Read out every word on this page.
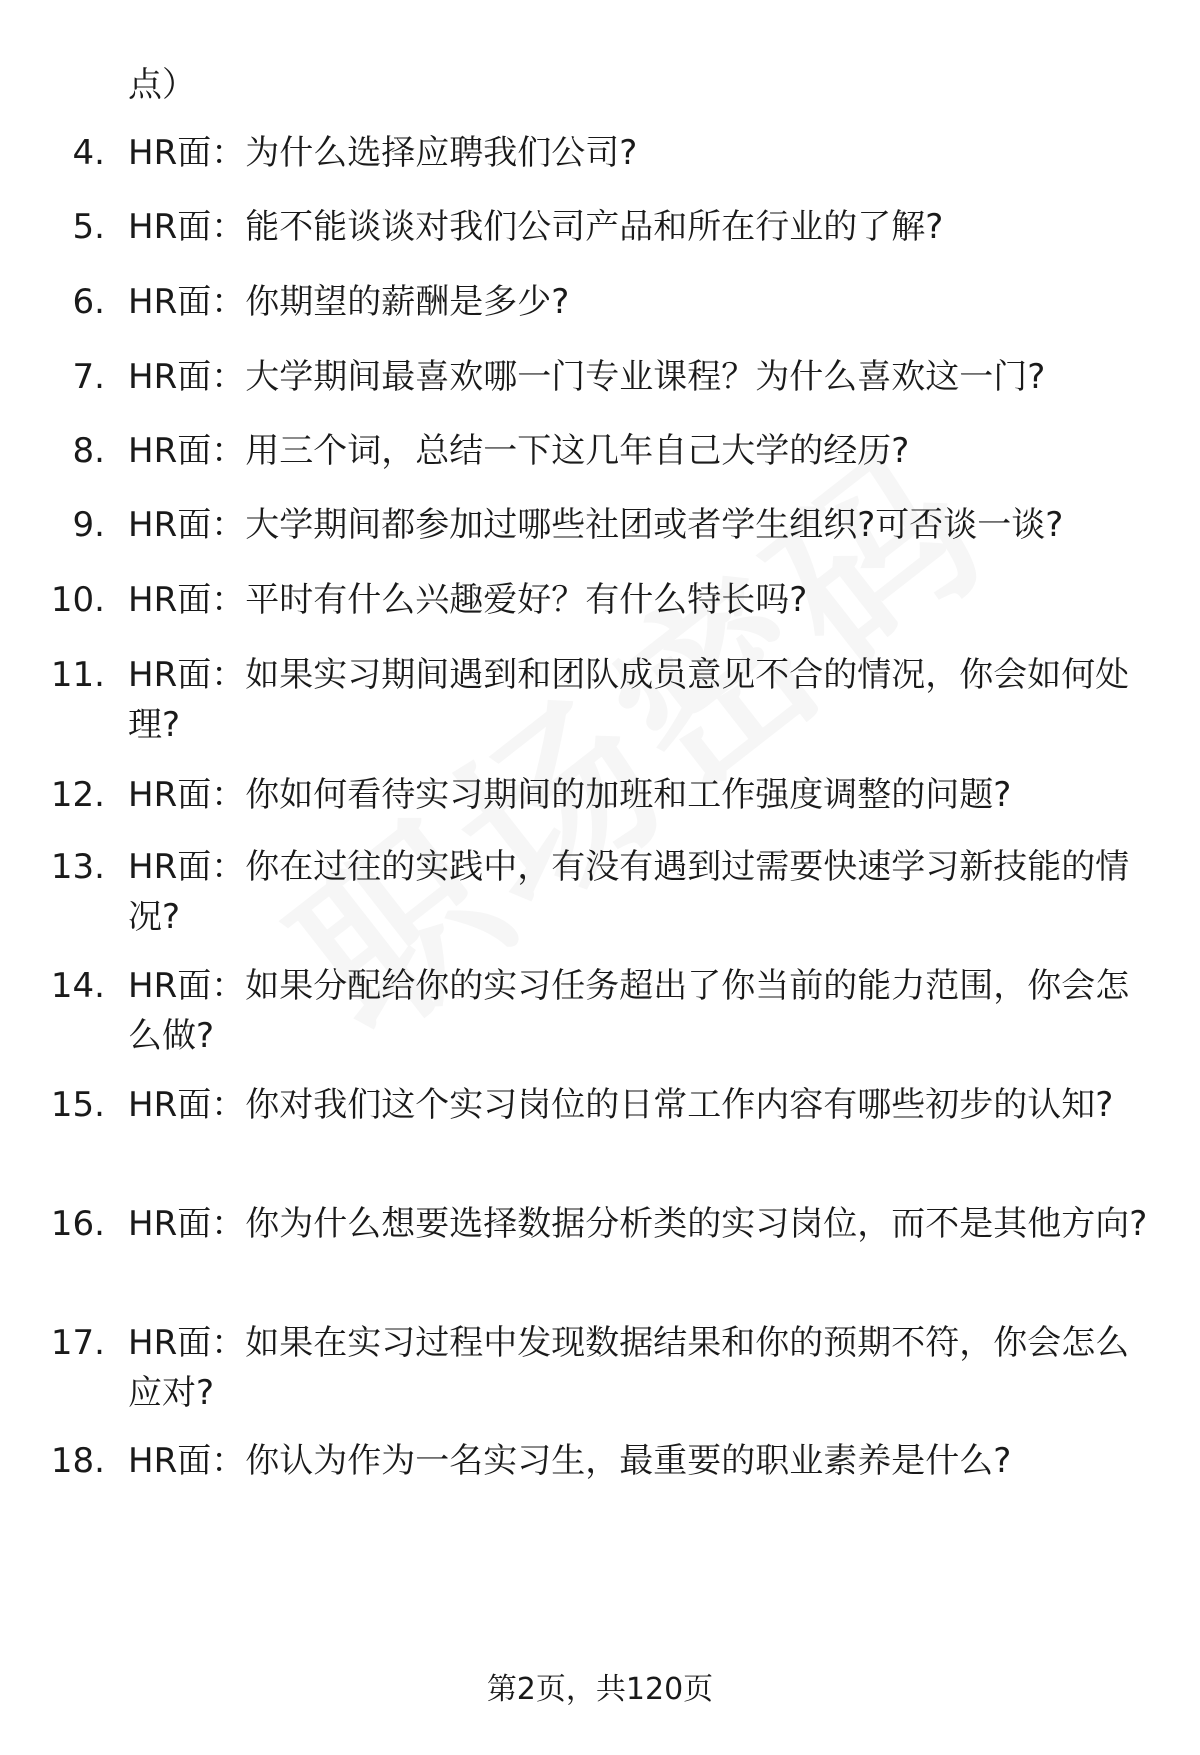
点）
4. HR面：为什么选择应聘我们公司?
5. HR面：能不能谈谈对我们公司产品和所在行业的了解?
6. HR面：你期望的薪酬是多少?
7. HR面：大学期间最喜欢哪一门专业课程？为什么喜欢这一门?
8. HR面：用三个词，总结一下这几年自己大学的经历?
9. HR面：大学期间都参加过哪些社团或者学生组织?可否谈一谈?
10. HR面：平时有什么兴趣爱好？有什么特长吗?
11. HR面：如果实习期间遇到和团队成员意见不合的情况，你会如何处理?
12. HR面：你如何看待实习期间的加班和工作强度调整的问题?
13. HR面：你在过往的实践中，有没有遇到过需要快速学习新技能的情况?
14. HR面：如果分配给你的实习任务超出了你当前的能力范围，你会怎么做?
15. HR面：你对我们这个实习岗位的日常工作内容有哪些初步的认知?
16. HR面：你为什么想要选择数据分析类的实习岗位，而不是其他方向?
17. HR面：如果在实习过程中发现数据结果和你的预期不符，你会怎么应对?
18. HR面：你认为作为一名实习生，最重要的职业素养是什么?
第2页，共120页
